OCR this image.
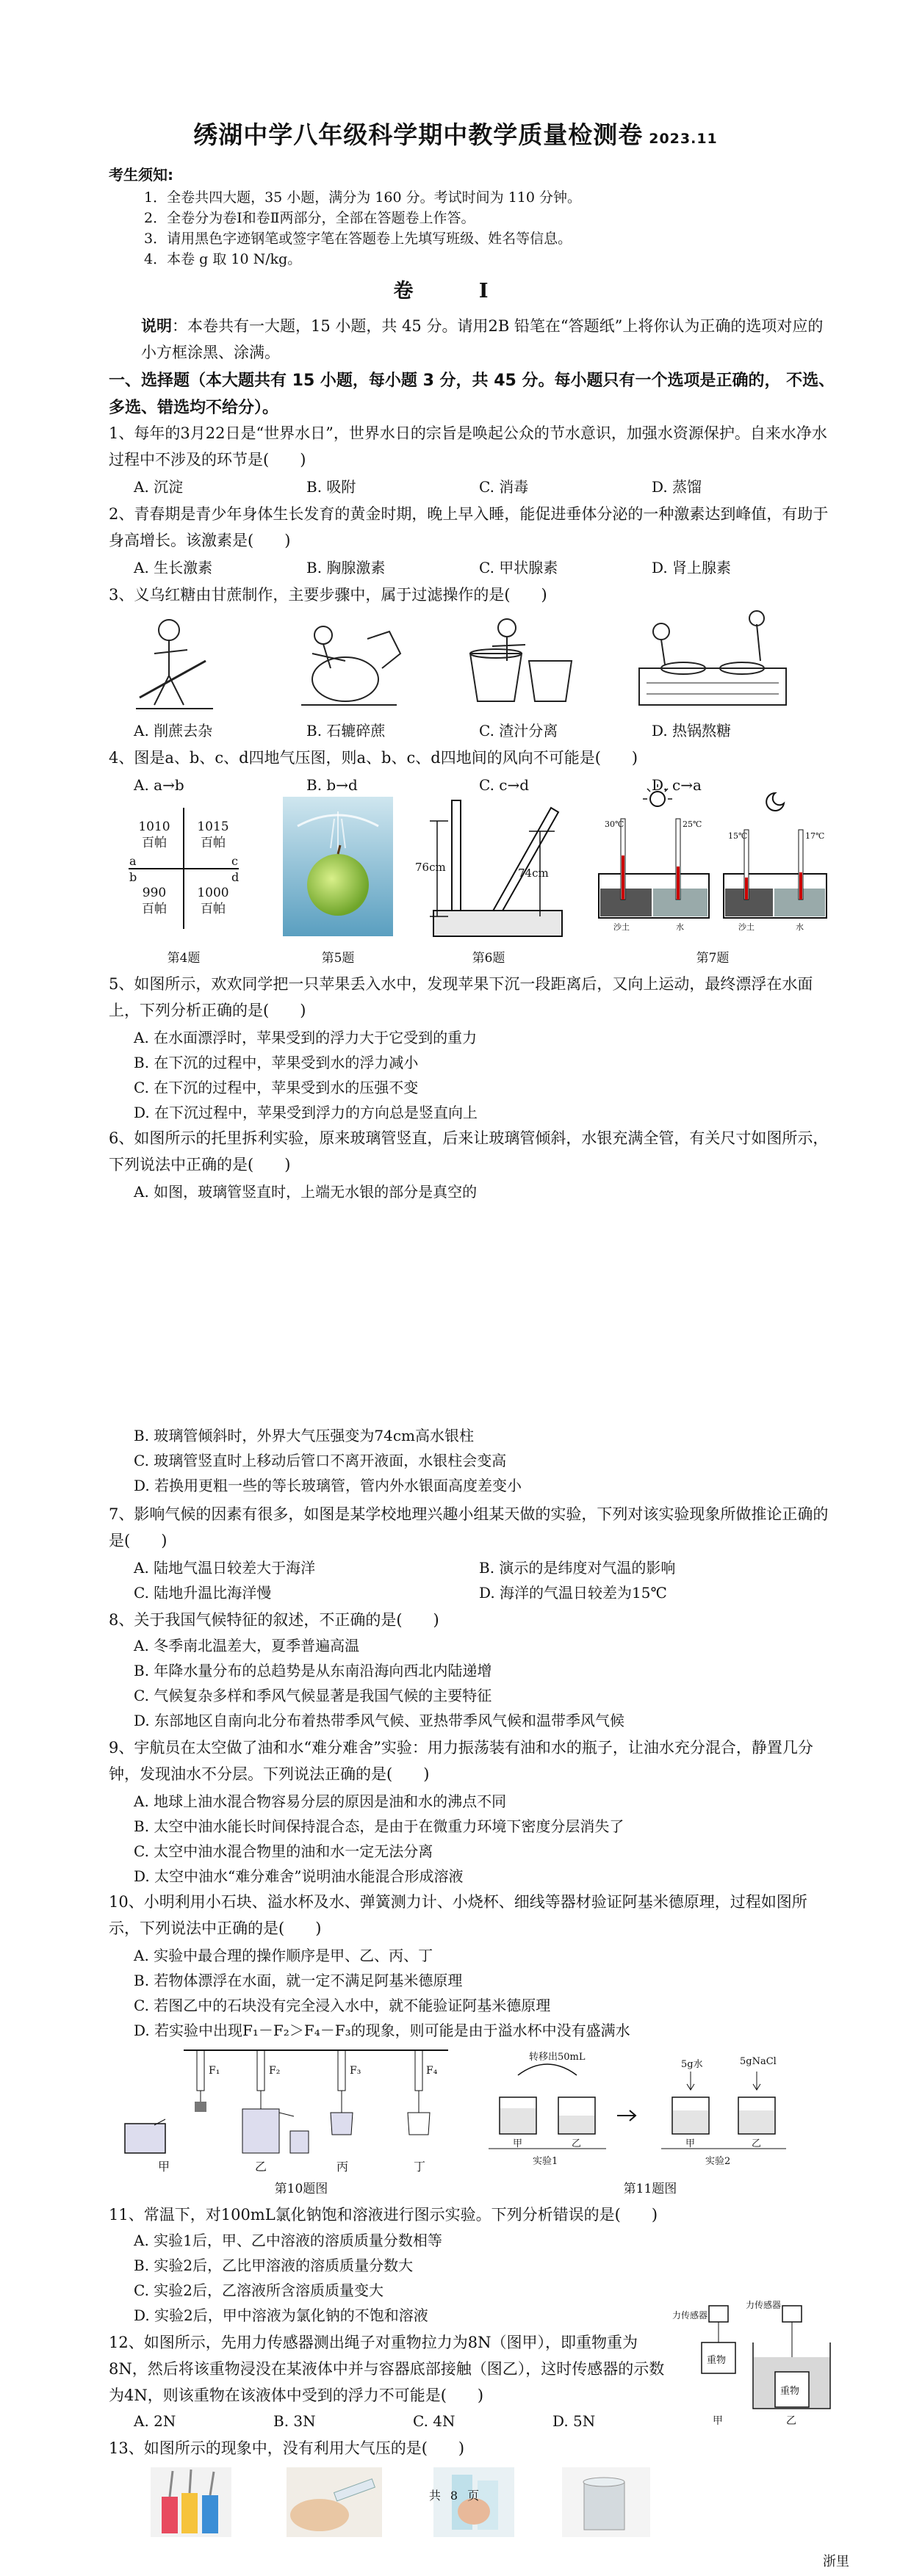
绣湖中学八年级科学期中教学质量检测卷 2023.11
考生须知:
1．全卷共四大题，35 小题，满分为 160 分。考试时间为 110 分钟。
2．全卷分为卷Ⅰ和卷Ⅱ两部分，全部在答题卷上作答。
3．请用黑色字迹钢笔或签字笔在答题卷上先填写班级、姓名等信息。
4．本卷 g 取 10 N/kg。
卷 Ⅰ
说明：本卷共有一大题，15 小题，共 45 分。请用2B 铅笔在“答题纸”上将你认为正确的选项对应的小方框涂黑、涂满。
一、选择题（本大题共有 15 小题，每小题 3 分，共 45 分。每小题只有一个选项是正确的， 不选、多选、错选均不给分）。
1、每年的3月22日是“世界水日”，世界水日的宗旨是唤起公众的节水意识，加强水资源保护。自来水净水过程中不涉及的环节是(　　)
A. 沉淀	B. 吸附	C. 消毒	D. 蒸馏
2、青春期是青少年身体生长发育的黄金时期，晚上早入睡，能促进垂体分泌的一种激素达到峰值，有助于身高增长。该激素是(　　)
A. 生长激素	B. 胸腺激素	C. 甲状腺素	D. 肾上腺素
3、义乌红糖由甘蔗制作，主要步骤中，属于过滤操作的是(　　)
A. 削蔗去杂	B. 石辘碎蔗	C. 渣汁分离	D. 热锅熬糖
4、图是a、b、c、d四地气压图，则a、b、c、d四地间的风向不可能是(　　)
A. a→b	B. b→d	C. c→d	D. c→a
1010
百帕
1015
百帕
990
百帕
1000
百帕
a
b
c
d
76cm	74cm
30℃	25℃
15℃	17℃
沙土	水	沙土	水
第4题	第5题	第6题	第7题
5、如图所示，欢欢同学把一只苹果丢入水中，发现苹果下沉一段距离后，又向上运动，最终漂浮在水面上，下列分析正确的是(　　)
A. 在水面漂浮时，苹果受到的浮力大于它受到的重力
B. 在下沉的过程中，苹果受到水的浮力减小
C. 在下沉的过程中，苹果受到水的压强不变
D. 在下沉过程中，苹果受到浮力的方向总是竖直向上
6、如图所示的托里拆利实验，原来玻璃管竖直，后来让玻璃管倾斜，水银充满全管，有关尺寸如图所示，下列说法中正确的是(　　)
A. 如图，玻璃管竖直时，上端无水银的部分是真空的
B. 玻璃管倾斜时，外界大气压强变为74cm高水银柱
C. 玻璃管竖直时上移动后管口不离开液面，水银柱会变高
D. 若换用更粗一些的等长玻璃管，管内外水银面高度差变小
7、影响气候的因素有很多，如图是某学校地理兴趣小组某天做的实验，下列对该实验现象所做推论正确的是(　　)
A. 陆地气温日较差大于海洋	B. 演示的是纬度对气温的影响
C. 陆地升温比海洋慢	D. 海洋的气温日较差为15℃
8、关于我国气候特征的叙述，不正确的是(　　)
A. 冬季南北温差大，夏季普遍高温
B. 年降水量分布的总趋势是从东南沿海向西北内陆递增
C. 气候复杂多样和季风气候显著是我国气候的主要特征
D. 东部地区自南向北分布着热带季风气候、亚热带季风气候和温带季风气候
9、宇航员在太空做了油和水“难分难舍”实验：用力振荡装有油和水的瓶子，让油水充分混合，静置几分钟，发现油水不分层。下列说法正确的是(　　)
A. 地球上油水混合物容易分层的原因是油和水的沸点不同
B. 太空中油水能长时间保持混合态，是由于在微重力环境下密度分层消失了
C. 太空中油水混合物里的油和水一定无法分离
D. 太空中油水“难分难舍”说明油水能混合形成溶液
10、小明利用小石块、溢水杯及水、弹簧测力计、小烧杯、细线等器材验证阿基米德原理，过程如图所示，下列说法中正确的是(　　)
A. 实验中最合理的操作顺序是甲、乙、丙、丁
B. 若物体漂浮在水面，就一定不满足阿基米德原理
C. 若图乙中的石块没有完全浸入水中，就不能验证阿基米德原理
D. 若实验中出现F₁－F₂＞F₄－F₃的现象，则可能是由于溢水杯中没有盛满水
F₁	F₂	F₃	F₄
甲	乙	丙	丁
第10题图
转移出50mL
5g水	5gNaCl
甲	乙	甲	乙
实验1	实验2
第11题图
11、常温下，对100mL氯化钠饱和溶液进行图示实验。下列分析错误的是(　　)
A. 实验1后，甲、乙中溶液的溶质质量分数相等
B. 实验2后，乙比甲溶液的溶质质量分数大
C. 实验2后，乙溶液所含溶质质量变大
D. 实验2后，甲中溶液为氯化钠的不饱和溶液
12、如图所示，先用力传感器测出绳子对重物拉力为8N（图甲），即重物重为8N，然后将该重物浸没在某液体中并与容器底部接触（图乙），这时传感器的示数为4N，则该重物在该液体中受到的浮力不可能是(　　)
A. 2N	B. 3N	C. 4N	D. 5N
力传感器
力传感器
重物
重物
甲	乙
13、如图所示的现象中，没有利用大气压的是(　　)
共 8 页
浙里
